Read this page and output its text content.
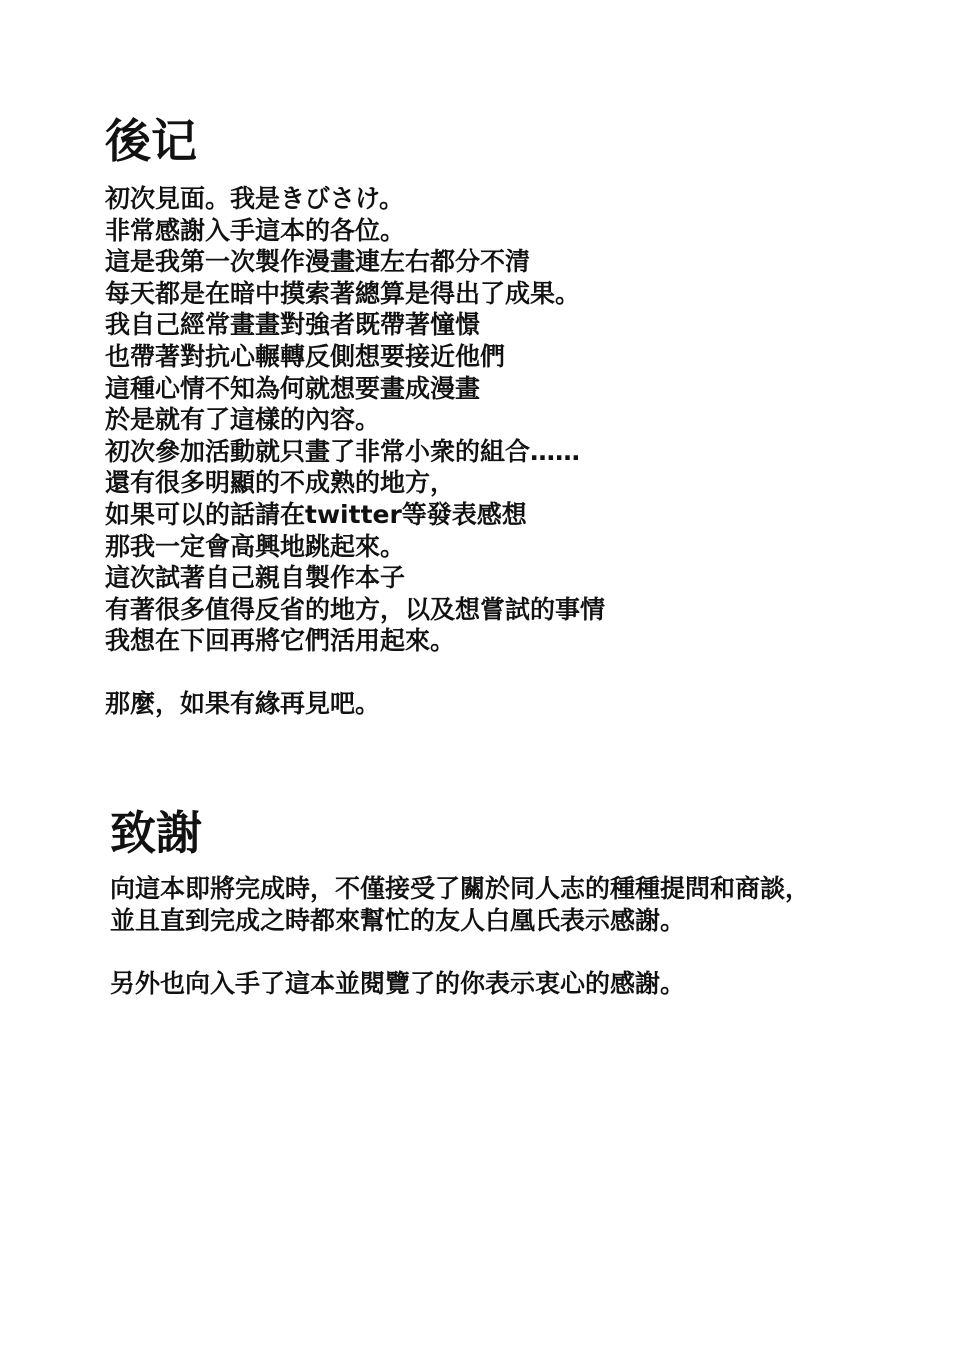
後记
初次見面。我是きびさけ。
非常感謝入手這本的各位。
這是我第一次製作漫畫連左右都分不清
每天都是在暗中摸索著總算是得出了成果。
我自己經常畫畫對強者既帶著憧憬
也帶著對抗心輾轉反側想要接近他們
這種心情不知為何就想要畫成漫畫
於是就有了這樣的內容。
初次參加活動就只畫了非常小衆的組合……
還有很多明顯的不成熟的地方，
如果可以的話請在twitter等發表感想
那我一定會高興地跳起來。
這次試著自己親自製作本子
有著很多值得反省的地方，以及想嘗試的事情
我想在下回再將它們活用起來。
那麼，如果有緣再見吧。
致謝
向這本即將完成時，不僅接受了關於同人志的種種提問和商談，
並且直到完成之時都來幫忙的友人白凰氏表示感謝。
另外也向入手了這本並閱覽了的你表示衷心的感謝。
